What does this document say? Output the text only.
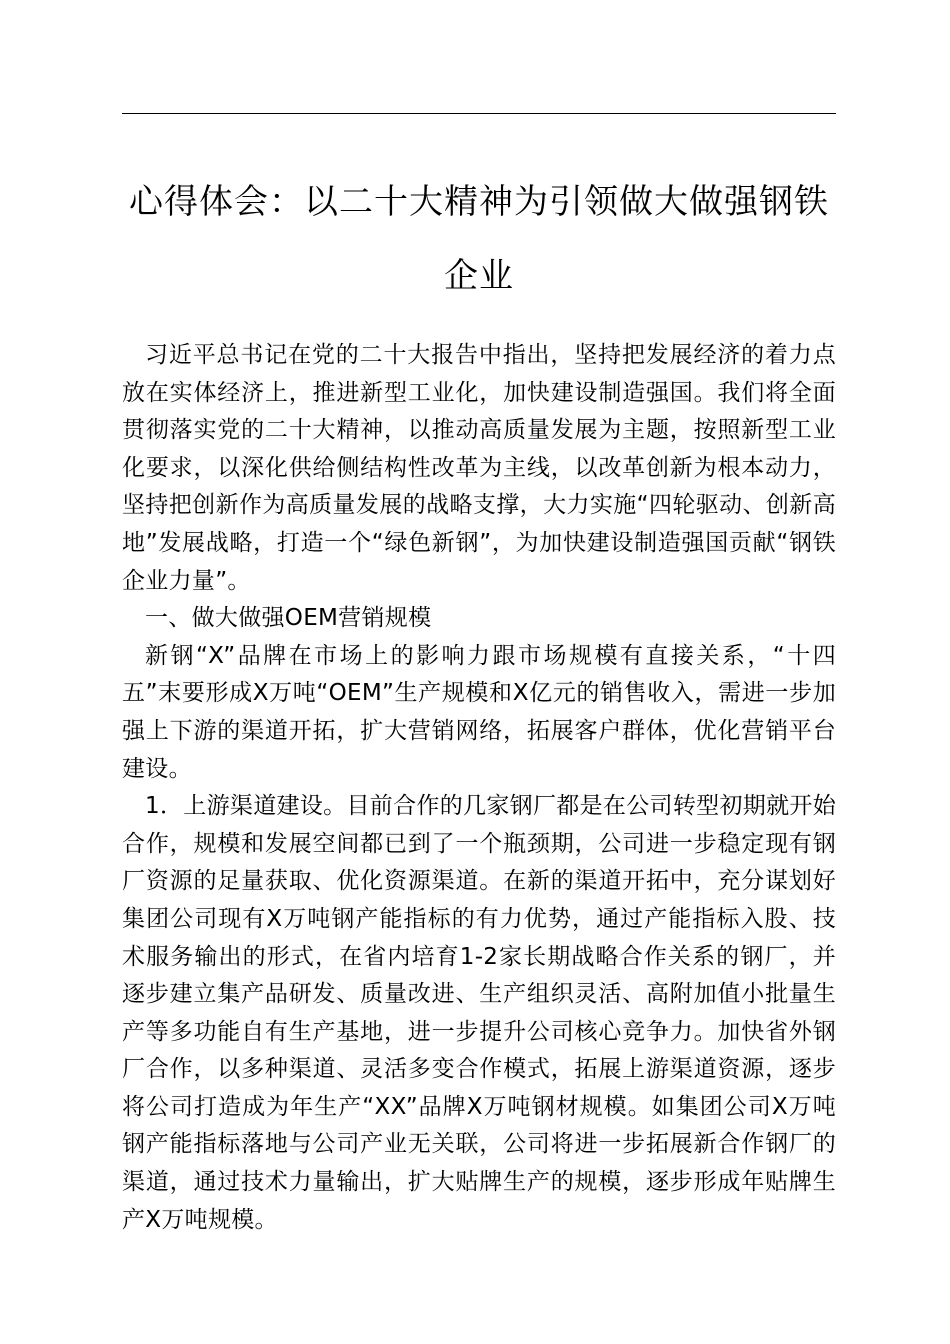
心得体会：以二十大精神为引领做大做强钢铁企业

习近平总书记在党的二十大报告中指出，坚持把发展经济的着力点放在实体经济上，推进新型工业化，加快建设制造强国。我们将全面贯彻落实党的二十大精神，以推动高质量发展为主题，按照新型工业化要求，以深化供给侧结构性改革为主线，以改革创新为根本动力，坚持把创新作为高质量发展的战略支撑，大力实施“四轮驱动、创新高地”发展战略，打造一个“绿色新钢”，为加快建设制造强国贡献“钢铁企业力量”。

一、做大做强OEM营销规模

新钢“X”品牌在市场上的影响力跟市场规模有直接关系，“十四五”末要形成X万吨“OEM”生产规模和X亿元的销售收入，需进一步加强上下游的渠道开拓，扩大营销网络，拓展客户群体，优化营销平台建设。

1．上游渠道建设。目前合作的几家钢厂都是在公司转型初期就开始合作，规模和发展空间都已到了一个瓶颈期，公司进一步稳定现有钢厂资源的足量获取、优化资源渠道。在新的渠道开拓中，充分谋划好集团公司现有X万吨钢产能指标的有力优势，通过产能指标入股、技术服务输出的形式，在省内培育1-2家长期战略合作关系的钢厂，并逐步建立集产品研发、质量改进、生产组织灵活、高附加值小批量生产等多功能自有生产基地，进一步提升公司核心竞争力。加快省外钢厂合作，以多种渠道、灵活多变合作模式，拓展上游渠道资源，逐步将公司打造成为年生产“XX”品牌X万吨钢材规模。如集团公司X万吨钢产能指标落地与公司产业无关联，公司将进一步拓展新合作钢厂的渠道，通过技术力量输出，扩大贴牌生产的规模，逐步形成年贴牌生产X万吨规模。
